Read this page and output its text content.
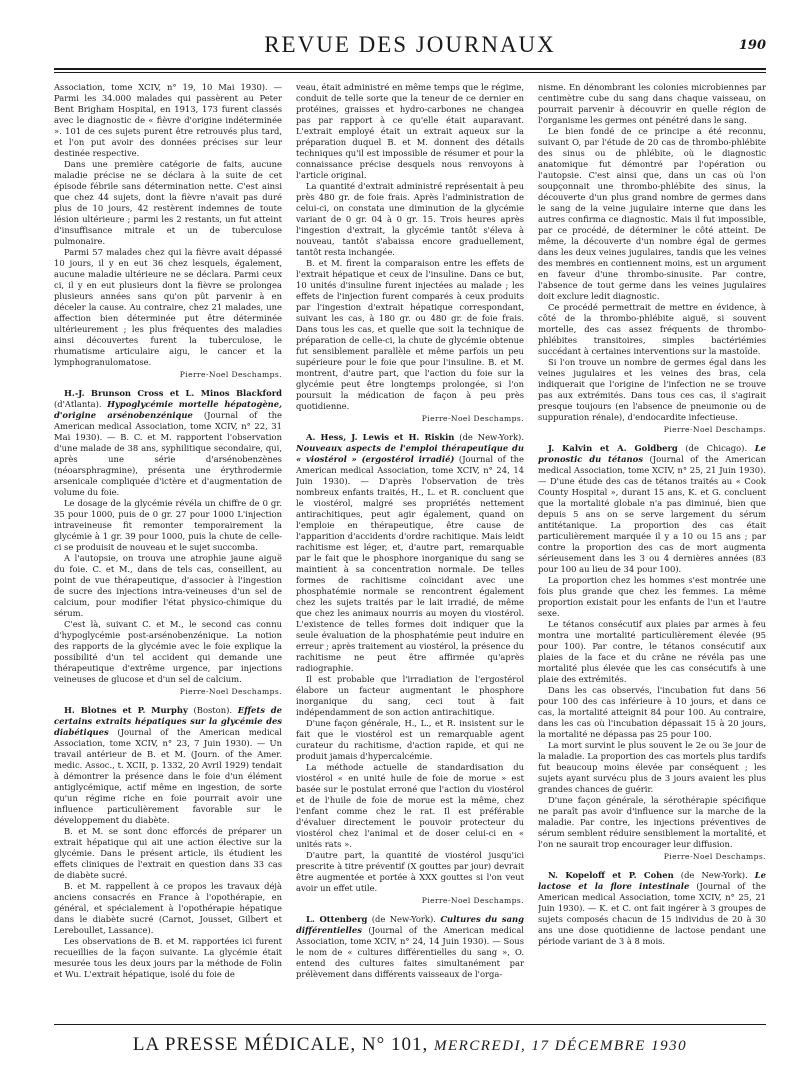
REVUE DES JOURNAUX	190

Association, tome XCIV, n° 19, 10 Mai 1930). — Parmi les 34.000 malades qui passèrent au Peter Bent Brigham Hospital, en 1913, 173 furent classés avec le diagnostic de « fièvre d'origine indéterminée ». 101 de ces sujets purent être retrouvés plus tard, et l'on put avoir des données précises sur leur destinée respective.

Dans une première catégorie de faits, aucune maladie précise ne se déclara à la suite de cet épisode fébrile sans détermination nette. C'est ainsi que chez 44 sujets, dont la fièvre n'avait pas duré plus de 10 jours, 42 restèrent indemnes de toute lésion ultérieure ; parmi les 2 restants, un fut atteint d'insuffisance mitrale et un de tuberculose pulmonaire.

Parmi 57 malades chez qui la fièvre avait dépassé 10 jours, il y en eut 36 chez lesquels, également, aucune maladie ultérieure ne se déclara. Parmi ceux ci, il y en eut plusieurs dont la fièvre se prolongea plusieurs années sans qu'on pût parvenir à en déceler la cause. Au contraire, chez 21 malades, une affection bien déterminée put être déterminée ultérieurement ; les plus fréquentes des maladies ainsi découvertes furent la tuberculose, le rhumatisme articulaire aigu, le cancer et la lymphogranulomatose.

Pierre-Noel Deschamps.

H.-J. Brunson Cross et L. Minos Blackford (d'Atlanta). Hypoglycémie mortelle hépatogène, d'origine arsénobenzénique (Journal of the American medical Association, tome XCIV, n° 22, 31 Mai 1930). — B. C. et M. rapportent l'observation d'une malade de 38 ans, syphilitique secondaire, qui, après une série d'arsénobenzènes (néoarsphragmine), présenta une érythrodermie arsenicale compliquée d'ictère et d'augmentation de volume du foie.

Le dosage de la glycémie révéla un chiffre de 0 gr. 35 pour 1000, puis de 0 gr. 27 pour 1000 L'injection intraveineuse fit remonter temporairement la glycémie à 1 gr. 39 pour 1000, puis la chute de celle-ci se produisit de nouveau et le sujet succomba.

A l'autopsie, on trouva une atrophie jaune aiguë du foie. C. et M., dans de tels cas, conseillent, au point de vue thérapeutique, d'associer à l'ingestion de sucre des injections intra-veineuses d'un sel de calcium, pour modifier l'état physico-chimique du sérum.

C'est là, suivant C. et M., le second cas connu d'hypoglycémie post-arsénobenzénique. La notion des rapports de la glycémie avec le foie explique la possibilité d'un tel accident qui demande une thérapeutique d'extrême urgence, par injections veineuses de glucose et d'un sel de calcium.

Pierre-Noel Deschamps.

H. Blotnes et P. Murphy (Boston). Effets de certains extraits hépatiques sur la glycémie des diabétiques (Journal of the American medical Association, tome XCIV, n° 23, 7 Juin 1930). — Un travail antérieur de B. et M. (Journ. of the Amer. medic. Assoc., t. XCII, p. 1332, 20 Avril 1929) tendait à démontrer la présence dans le foie d'un élément antiglycémique, actif même en ingestion, de sorte qu'un régime riche en foie pourrait avoir une influence particulièrement favorable sur le développement du diabète.

B. et M. se sont donc efforcés de préparer un extrait hépatique qui ait une action élective sur la glycémie. Dans le présent article, ils étudient les effets cliniques de l'extrait en question dans 33 cas de diabète sucré.

B. et M. rappellent à ce propos les travaux déjà anciens consacrés en France à l'opothérapie, en général, et spécialement à l'opothérapie hépatique dans le diabète sucré (Carnot, Jousset, Gilbert et Lereboullet, Lassance).

Les observations de B. et M. rapportées ici furent recueillies de la façon suivante. La glycémie était mesurée tous les deux jours par la méthode de Folin et Wu. L'extrait hépatique, isolé du foie de

veau, était administré en même temps que le régime, conduit de telle sorte que la teneur de ce dernier en protéines, graisses et hydro-carbones ne changea pas par rapport à ce qu'elle était auparavant. L'extrait employé était un extrait aqueux sur la préparation duquel B. et M. donnent des détails techniques qu'il est impossible de résumer et pour la connaissance précise desquels nous renvoyons à l'article original.

La quantité d'extrait administré représentait à peu près 480 gr. de foie frais. Après l'administration de celui-ci, on constata une diminution de la glycémie variant de 0 gr. 04 à 0 gr. 15. Trois heures après l'ingestion d'extrait, la glycémie tantôt s'éleva à nouveau, tantôt s'abaissa encore graduellement, tantôt resta inchangée.

B. et M. firent la comparaison entre les effets de l'extrait hépatique et ceux de l'insuline. Dans ce but, 10 unités d'insuline furent injectées au malade ; les effets de l'injection furent comparés à ceux produits par l'ingestion d'extrait hépatique correspondant, suivant les cas, à 180 gr. ou 480 gr. de foie frais. Dans tous les cas, et quelle que soit la technique de préparation de celle-ci, la chute de glycémie obtenue fut sensiblement parallèle et même parfois un peu supérieure pour le foie que pour l'insuline. B. et M. montrent, d'autre part, que l'action du foie sur la glycémie peut être longtemps prolongée, si l'on poursuit la médication de façon à peu près quotidienne.

Pierre-Noel Deschamps.

A. Hess, J. Lewis et H. Riskin (de New-York). Nouveaux aspects de l'emploi thérapeutique du « viostérol » (ergostérol irradié) (Journal of the American medical Association, tome XCIV, n° 24, 14 Juin 1930). — D'après l'observation de très nombreux enfants traités, H., L. et R. concluent que le viostérol, malgré ses propriétés nettement antirachitiques, peut agir également, quand on l'emploie en thérapeutique, être cause de l'apparition d'accidents d'ordre rachitique. Mais leidt rachitisme est léger, et, d'autre part, remarquable par le fait que le phosphore inorganique du sang se maintient à sa concentration normale. De telles formes de rachitisme coïncidant avec une phosphatémie normale se rencontrent également chez les sujets traités par le lait irradié, de même que chez les animaux nourris au moyen du viostérol. L'existence de telles formes doit indiquer que la seule évaluation de la phosphatémie peut induire en erreur ; après traitement au viostérol, la présence du rachitisme ne peut être affirmée qu'après radiographie.

Il est probable que l'irradiation de l'ergostérol élabore un facteur augmentant le phosphore inorganique du sang, ceci tout à fait indépendamment de son action antirachitique.

D'une façon générale, H., L., et R. insistent sur le fait que le viostérol est un remarquable agent curateur du rachitisme, d'action rapide, et qui ne produit jamais d'hypercalcémie.

La méthode actuelle de standardisation du viostérol « en unité huile de foie de morue » est basée sur le postulat erroné que l'action du viostérol et de l'huile de foie de morue est la même, chez l'enfant comme chez le rat. Il est préférable d'évaluer directement le pouvoir protecteur du viostérol chez l'animal et de doser celui-ci en « unités rats ».

D'autre part, la quantité de viostérol jusqu'ici prescrite à titre préventif (X gouttes par jour) devrait être augmentée et portée à XXX gouttes si l'on veut avoir un effet utile.

Pierre-Noel Deschamps.

L. Ottenberg (de New-York). Cultures du sang différentielles (Journal of the American medical Association, tome XCIV, n° 24, 14 Juin 1930). — Sous le nom de « cultures différentielles du sang », O. entend des cultures faites simultanément par prélèvement dans différents vaisseaux de l'orga-

nisme. En dénombrant les colonies microbiennes par centimètre cube du sang dans chaque vaisseau, on pourrait parvenir à découvrir en quelle région de l'organisme les germes ont pénétré dans le sang.

Le bien fondé de ce principe a été reconnu, suivant O, par l'étude de 20 cas de thrombo-phlébite des sinus ou de phlébite, où le diagnostic anatomique fut démontré par l'opération ou l'autopsie. C'est ainsi que, dans un cas où l'on soupçonnait une thrombo-phlébite des sinus, la découverte d'un plus grand nombre de germes dans le sang de la veine jugulaire interne que dans les autres confirma ce diagnostic. Mais il fut impossible, par ce procédé, de déterminer le côté atteint. De même, la découverte d'un nombre égal de germes dans les deux veines jugulaires, tandis que les veines des membres en contiennent moins, est un argument en faveur d'une thrombo-sinusite. Par contre, l'absence de tout germe dans les veines jugulaires doit exclure ledit diagnostic.

Ce procédé permettrait de mettre en évidence, à côté de la thrombo-phlébite aiguë, si souvent mortelle, des cas assez fréquents de thrombo-phlébites transitoires, simples bactériémies succédant à certaines interventions sur la mastoïde.

Si l'on trouve un nombre de germes égal dans les veines jugulaires et les veines des bras, cela indiquerait que l'origine de l'infection ne se trouve pas aux extrémités. Dans tous ces cas, il s'agirait presque toujours (en l'absence de pneumonie ou de suppuration rénale), d'endocardite infectieuse.

Pierre-Noel Deschamps.

J. Kalvin et A. Goldberg (de Chicago). Le pronostic du tétanos (Journal of the American medical Association, tome XCIV, n° 25, 21 Juin 1930). — D'une étude des cas de tétanos traités au « Cook County Hospital », durant 15 ans, K. et G. concluent que la mortalité globale n'a pas diminué, bien que depuis 5 ans on se serve largement du sérum antitétanique. La proportion des cas était particulièrement marquée il y a 10 ou 15 ans ; par contre la proportion des cas de mort augmenta sérieusement dans les 3 ou 4 dernières années (83 pour 100 au lieu de 34 pour 100).

La proportion chez les hommes s'est montrée une fois plus grande que chez les femmes. La même proportion existait pour les enfants de l'un et l'autre sexe.

Le tétanos consécutif aux plaies par armes à feu montra une mortalité particulièrement élevée (95 pour 100). Par contre, le tétanos consécutif aux plaies de la face et du crâne ne révéla pas une mortalité plus élevée que les cas consécutifs à une plaie des extrémités.

Dans les cas observés, l'incubation fut dans 56 pour 100 des cas inférieure à 10 jours, et dans ce cas, la mortalité atteignit 84 pour 100. Au contraire, dans les cas où l'incubation dépassait 15 à 20 jours, la mortalité ne dépassa pas 25 pour 100.

La mort survint le plus souvent le 2e ou 3e jour de la maladie. La proportion des cas mortels plus tardifs fut beaucoup moins élevée par conséquent ; les sujets ayant survécu plus de 3 jours avaient les plus grandes chances de guérir.

D'une façon générale, la sérothérapie spécifique ne paraît pas avoir d'influence sur la marche de la maladie. Par contre, les injections préventives de sérum semblent réduire sensiblement la mortalité, et l'on ne saurait trop encourager leur diffusion.

Pierre-Noel Deschamps.

N. Kopeloff et P. Cohen (de New-York). Le lactose et la flore intestinale (Journal of the American medical Association, tome XCIV, n° 25, 21 Juin 1930). — K. et C. ont fait ingérer à 3 groupes de sujets composés chacun de 15 individus de 20 à 30 ans une dose quotidienne de lactose pendant une période variant de 3 à 8 mois.

LA PRESSE MÉDICALE, N° 101, MERCREDI, 17 DÉCEMBRE 1930
